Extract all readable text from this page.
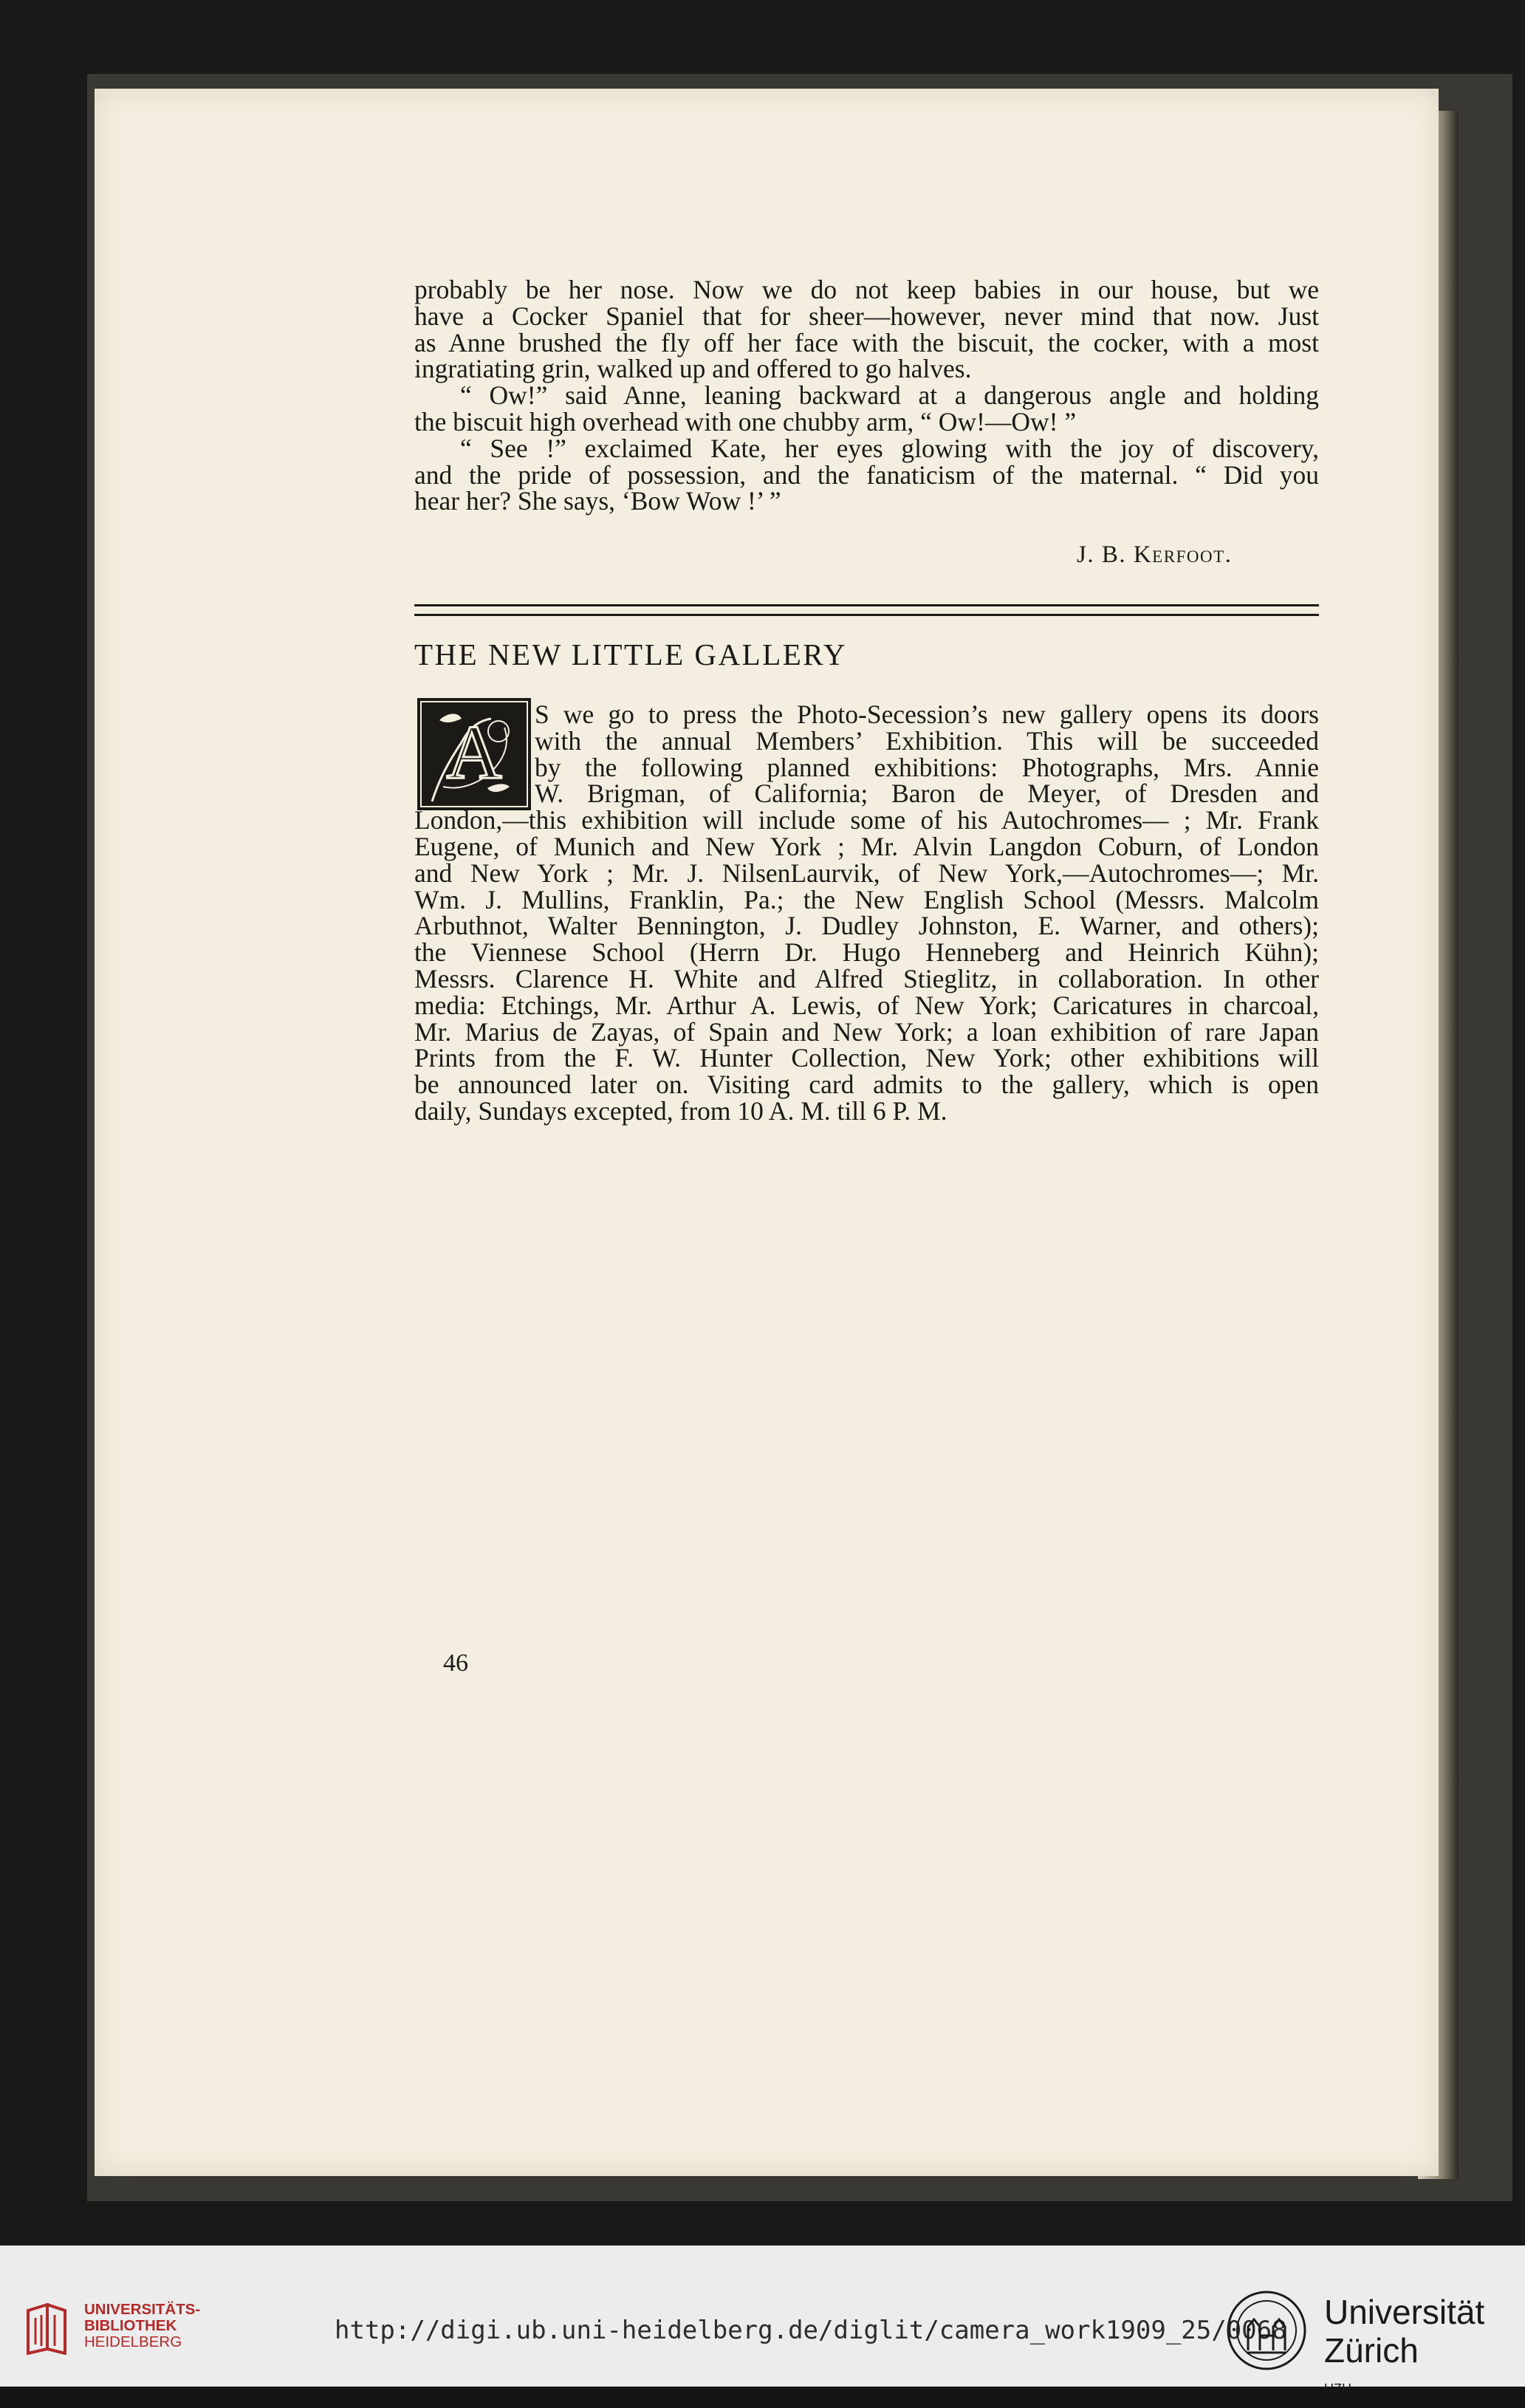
probably be her nose. Now we do not keep babies in our house, but we
have a Cocker Spaniel that for sheer—however, never mind that now. Just
as Anne brushed the fly off her face with the biscuit, the cocker, with a most
ingratiating grin, walked up and offered to go halves.
“ Ow!” said Anne, leaning backward at a dangerous angle and holding
the biscuit high overhead with one chubby arm, “ Ow!—Ow! ”
“ See !” exclaimed Kate, her eyes glowing with the joy of discovery,
and the pride of possession, and the fanaticism of the maternal. “ Did you
hear her? She says, ‘Bow Wow !’ ”
J. B. Kerfoot.
THE NEW LITTLE GALLERY
A S we go to press the Photo-Secession’s new gallery opens its doors
with the annual Members’ Exhibition. This will be succeeded
by the following planned exhibitions: Photographs, Mrs. Annie
W. Brigman, of California; Baron de Meyer, of Dresden and
London,—this exhibition will include some of his Autochromes— ; Mr. Frank
Eugene, of Munich and New York ; Mr. Alvin Langdon Coburn, of London
and New York ; Mr. J. NilsenLaurvik, of New York,—Autochromes—; Mr.
Wm. J. Mullins, Franklin, Pa.; the New English School (Messrs. Malcolm
Arbuthnot, Walter Bennington, J. Dudley Johnston, E. Warner, and others);
the Viennese School (Herrn Dr. Hugo Henneberg and Heinrich Kühn);
Messrs. Clarence H. White and Alfred Stieglitz, in collaboration. In other
media: Etchings, Mr. Arthur A. Lewis, of New York; Caricatures in charcoal,
Mr. Marius de Zayas, of Spain and New York; a loan exhibition of rare Japan
Prints from the F. W. Hunter Collection, New York; other exhibitions will
be announced later on. Visiting card admits to the gallery, which is open
daily, Sundays excepted, from 10 A. M. till 6 P. M.
46
UNIVERSITÄTS-
BIBLIOTHEK
HEIDELBERG	http://digi.ub.uni-heidelberg.de/diglit/camera_work1909_25/0068 Universität
Zürich
UZH
